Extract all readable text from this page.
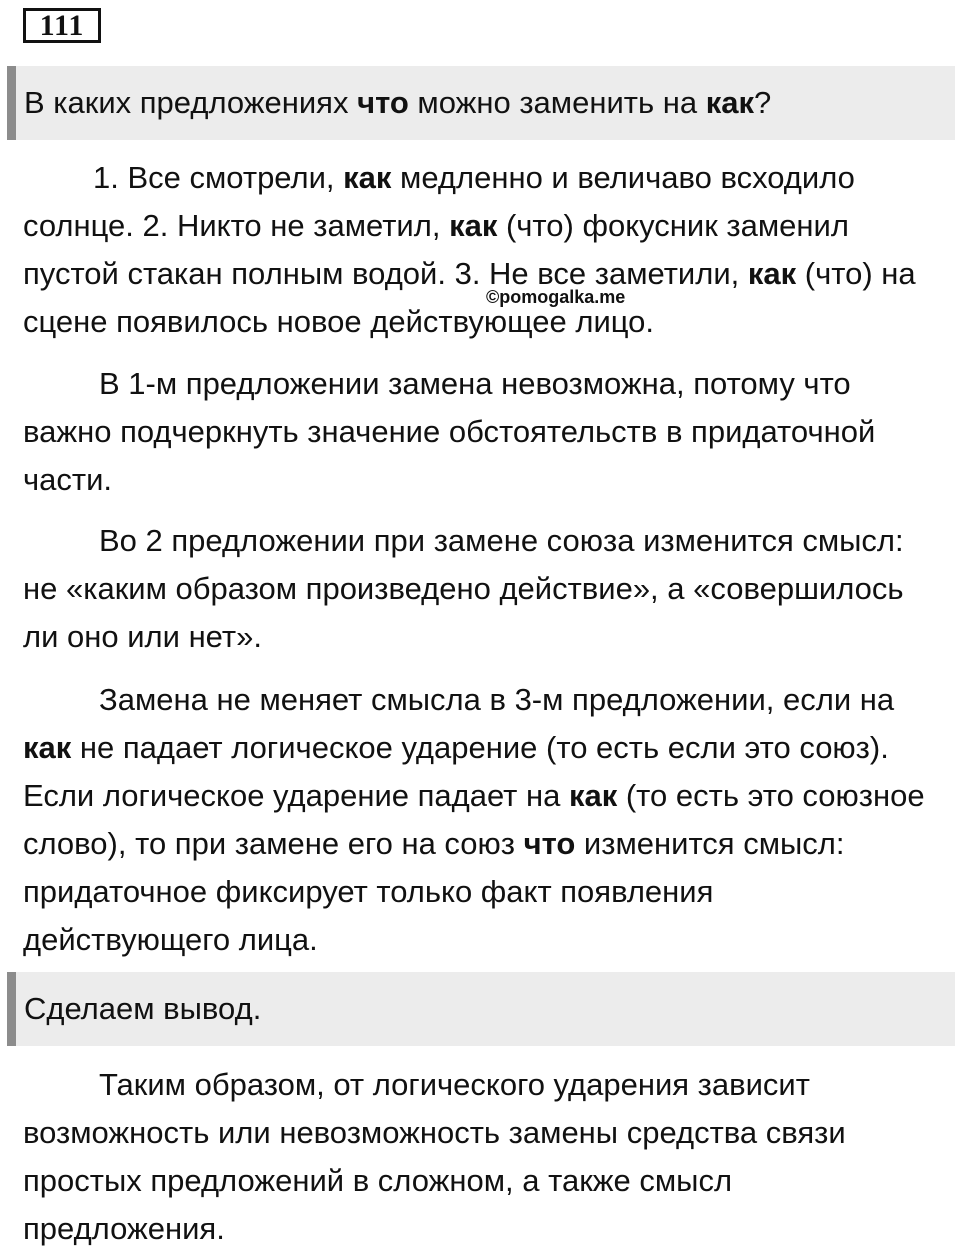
111
В каких предложениях что можно заменить на как?

1. Все смотрели, как медленно и величаво всходило солнце. 2. Никто не заметил, как (что) фокусник заменил пустой стакан полным водой. 3. Не все заметили, как (что) на сцене появилось новое действующее лицо.

©pomogalka.me

В 1-м предложении замена невозможна, потому что важно подчеркнуть значение обстоятельств в придаточной части.

Во 2 предложении при замене союза изменится смысл: не «каким образом произведено действие», а «совершилось ли оно или нет».

Замена не меняет смысла в 3-м предложении, если на как не падает логическое ударение (то есть если это союз). Если логическое ударение падает на как (то есть это союзное слово), то при замене его на союз что изменится смысл: придаточное фиксирует только факт появления действующего лица.

Сделаем вывод.

Таким образом, от логического ударения зависит возможность или невозможность замены средства связи простых предложений в сложном, а также смысл предложения.
